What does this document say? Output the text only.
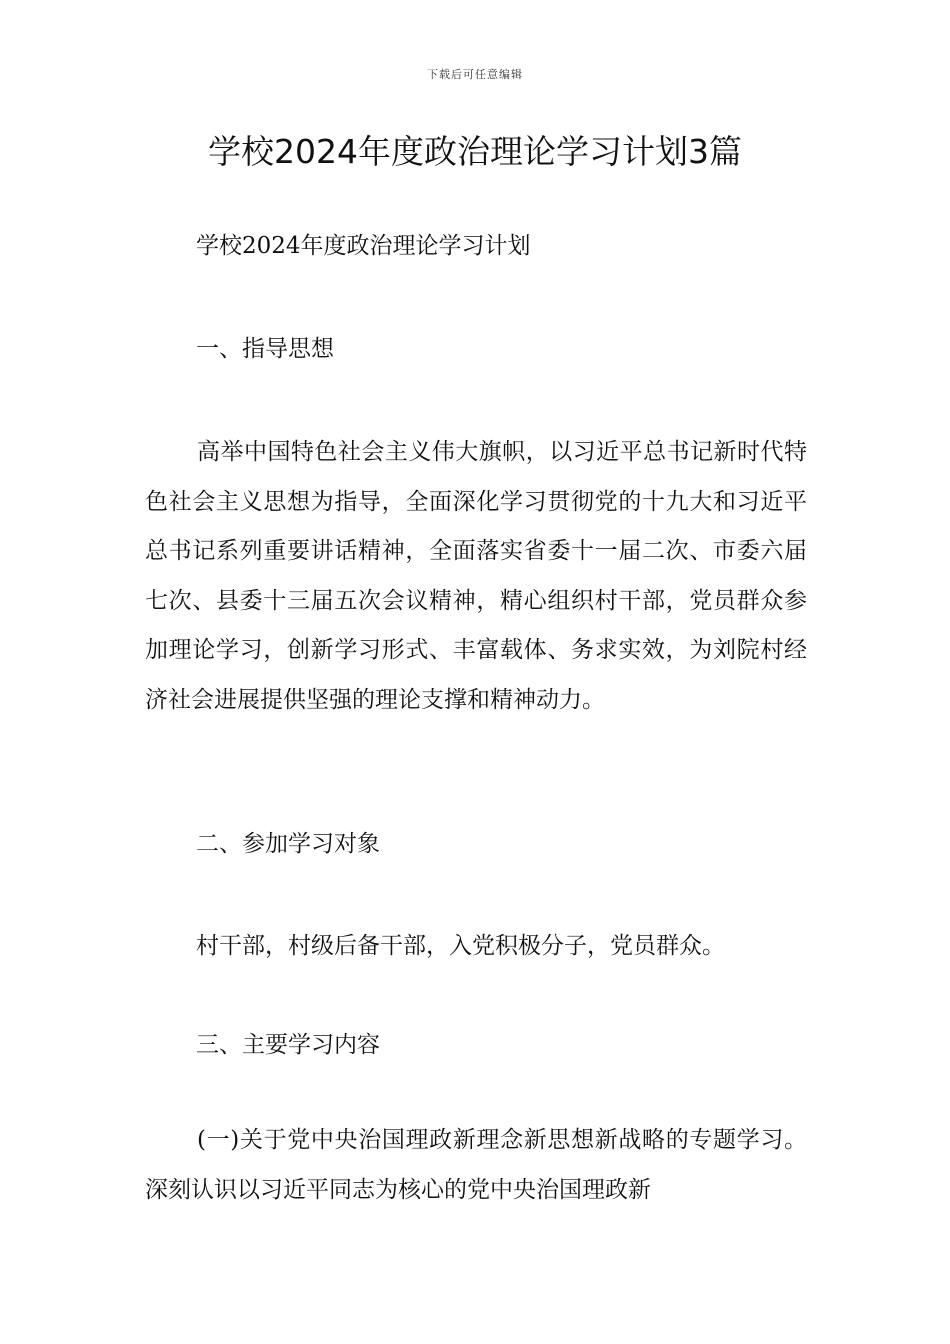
下载后可任意编辑
学校2024年度政治理论学习计划3篇

学校2024年度政治理论学习计划

一、指导思想

高举中国特色社会主义伟大旗帜，以习近平总书记新时代特色社会主义思想为指导，全面深化学习贯彻党的十九大和习近平总书记系列重要讲话精神，全面落实省委十一届二次、市委六届七次、县委十三届五次会议精神，精心组织村干部，党员群众参加理论学习，创新学习形式、丰富载体、务求实效，为刘院村经济社会进展提供坚强的理论支撑和精神动力。

二、参加学习对象

村干部，村级后备干部，入党积极分子，党员群众。

三、主要学习内容

(一)关于党中央治国理政新理念新思想新战略的专题学习。深刻认识以习近平同志为核心的党中央治国理政新
